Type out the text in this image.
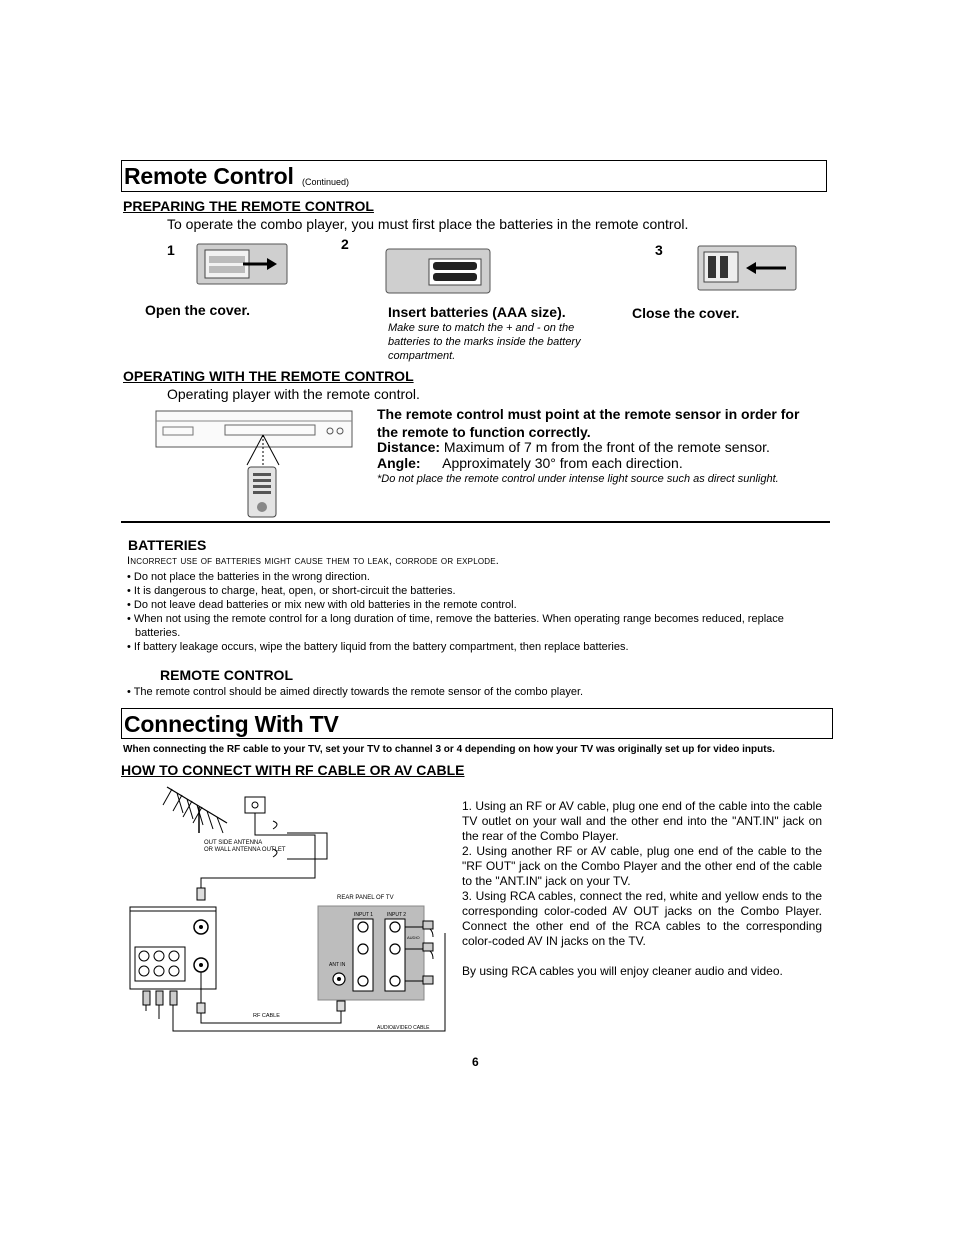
Remote Control (Continued)
PREPARING THE REMOTE CONTROL
To operate the combo player, you must first place the batteries in the remote control.
1	2	3
Open the cover.	Insert batteries (AAA size).
Make sure to match the + and - on the batteries to the marks inside the battery compartment.
Close the cover.
OPERATING WITH THE REMOTE CONTROL
Operating player with the remote control.
The remote control must point at the remote sensor in order for the remote to function correctly.
Distance: Maximum of 7 m from the front of the remote sensor.
Angle: Approximately 30° from each direction.
*Do not place the remote control under intense light source such as direct sunlight.
BATTERIES
Incorrect use of batteries might cause them to leak, corrode or explode.
• Do not place the batteries in the wrong direction.
• It is dangerous to charge, heat, open, or short-circuit the batteries.
• Do not leave dead batteries or mix new with old batteries in the remote control.
• When not using the remote control for a long duration of time, remove the batteries. When operating range becomes reduced, replace batteries.
• If battery leakage occurs, wipe the battery liquid from the battery compartment, then replace batteries.
REMOTE CONTROL
• The remote control should be aimed directly towards the remote sensor of the combo player.
Connecting With TV
When connecting the RF cable to your TV, set your TV to channel 3 or 4 depending on how your TV was originally set up for video inputs.
HOW TO CONNECT WITH RF CABLE OR AV CABLE
OUT SIDE ANTENNA
OR WALL ANTENNA OUTLET
RF CABLE
REAR PANEL OF TV
INPUT 1	INPUT 2
ANT IN
AUDIO
AUDIO&VIDEO CABLE
1. Using an RF or AV cable, plug one end of the cable into the cable TV outlet on your wall and the other end into the "ANT.IN" jack on the rear of the Combo Player.
2. Using another RF or AV cable, plug one end of the cable to the "RF OUT" jack on the Combo Player and the other end of the cable to the "ANT.IN" jack on your TV.
3. Using RCA cables, connect the red, white and yellow ends to the corresponding color-coded AV OUT jacks on the Combo Player. Connect the other end of the RCA cables to the corresponding color-coded AV IN jacks on the TV.
By using RCA cables you will enjoy cleaner audio and video.
6
